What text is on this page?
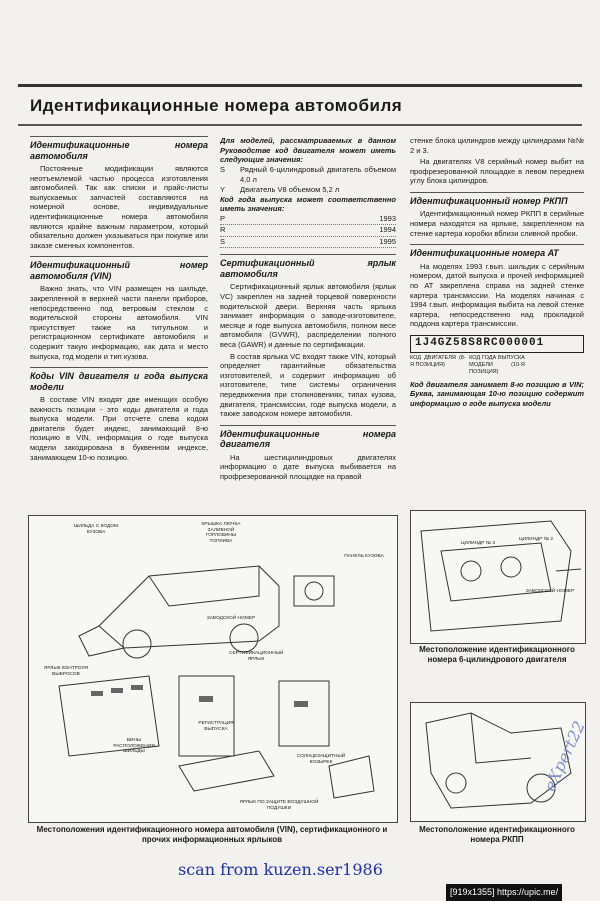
Идентификационные номера автомобиля
Идентификационные номера автомобиля

Постоянные модификации являются неотъемлемой частью процесса изготовления автомобилей. Так как списки и прайс-листы выпускаемых запчастей составляются на номерной основе, индивидуальные идентификационные номера автомобиля являются крайне важным параметром, который обязательно должен указываться при покупке или заказе сменных компонентов.

Идентификационный номер автомобиля (VIN)

Важно знать, что VIN размещен на шильде, закрепленной в верхней части панели приборов, непосредственно под ветровым стеклом с водительской стороны автомобиля. VIN присутствует также на титульном и регистрационном сертификате автомобиля и содержит такую информацию, как дата и место выпуска, год модели и тип кузова.

Коды VIN двигателя и года выпуска модели

В составе VIN входят две имеющих особую важность позиции - это коды двигателя и года выпуска модели. При отсчете слева кодом двигателя будет индекс, занимающий 8-ю позицию в VIN, информация о годе выпуска модели закодирована в буквенном индексе, занимающем 10-ю позицию.

Для моделей, рассматриваемых в данном Руководстве код двигателя может иметь следующие значения:
S	Рядный 6-цилиндровый двигатель объемом 4,0 л
Y	Двигатель V8 объемом 5,2 л
Код года выпуска может соответственно иметь значения:
P	1993
R	1994
S	1995
Сертификационный ярлык автомобиля

Сертификационный ярлык автомобиля (ярлык VC) закреплен на задней торцевой поверхности водительской двери. Верхняя часть ярлыка занимает информация о заводе-изготовителе, месяце и годе выпуска автомобиля, полном весе автомобиля (GVWR), распределении полного веса (GAWR) и данные по сертификации.

В состав ярлыка VC входят также VIN, который определяет гарантийные обязательства изготовителей, и содержит информацию об изготовителе, типе системы ограничения передвижения при столкновениях, типах кузова, двигателя, трансмиссии, годе выпуска модели, а также заводском номере автомобиля.

Идентификационные номера двигателя

На шестицилиндровых двигателях информацию о дате выпуска выбивается на профрезерованной площадке на правой

стенке блока цилиндров между цилиндрами №№ 2 и 3.

На двигателях V8 серийный номер выбит на профрезерованной площадке в левом переднем углу блока цилиндров.

Идентификационный номер РКПП

Идентификационный номер РКПП в серийные номера находятся на ярлыке, закрепленном на стенке картера коробки вблизи сливной пробки.

Идентификационные номера АТ

На моделях 1993 г.вып. шильдик с серийным номером, датой выпуска и прочей информацией по АТ закреплена справа на задней стенке картера трансмиссии. На моделях начиная с 1994 г.вып. информация выбита на левой стенке картера, непосредственно над прокладкой поддона картера трансмиссии.

1J4GZ58S8RC000001
КОД ДВИГАТЕЛЯ (8-Я ПОЗИЦИЯ)
КОД ГОДА ВЫПУСКА МОДЕЛИ (10-Я ПОЗИЦИЯ)
Код двигателя занимает 8-ю позицию в VIN; Буква, занимающая 10-ю позицию содержит информацию о годе выпуска модели
ШИЛЬДА С КОДОМ КУЗОВА
КРЫШКА ЛЮЧКА ЗАЛИВНОЙ ГОРЛОВИНЫ ТОПЛИВА
ПАНЕЛЬ КУЗОВА
ЗАВОДСКОЙ НОМЕР
ЯРЛЫК КОНТРОЛЯ ВЫБРОСОВ
СЕРТИФИКАЦИОННЫЙ ЯРЛЫК
ВИНЫ РАСПОЛОЖЕНИЯ ШИЛЬДЫ
РЕГИСТРАЦИЯ ВЫПУСКА
СОЛНЦЕЗАЩИТНЫЙ КОЗЫРЕК
ЯРЛЫК ПО ЗАЩИТЕ ВОЗДУШНОЙ ПОДУШКИ
Местоположения идентификационного номера автомобиля (VIN), сертификационного и прочих информационных ярлыков
ЦИЛИНДР № 3
ЦИЛИНДР № 2
ЗАВОДСКОЙ НОМЕР
Местоположение идентификационного номера 6-цилиндрового двигателя
Местоположение идентификационного номера РКПП
scan from kuzen.ser1986
eXpert22
[919x1355] https://upic.me/
